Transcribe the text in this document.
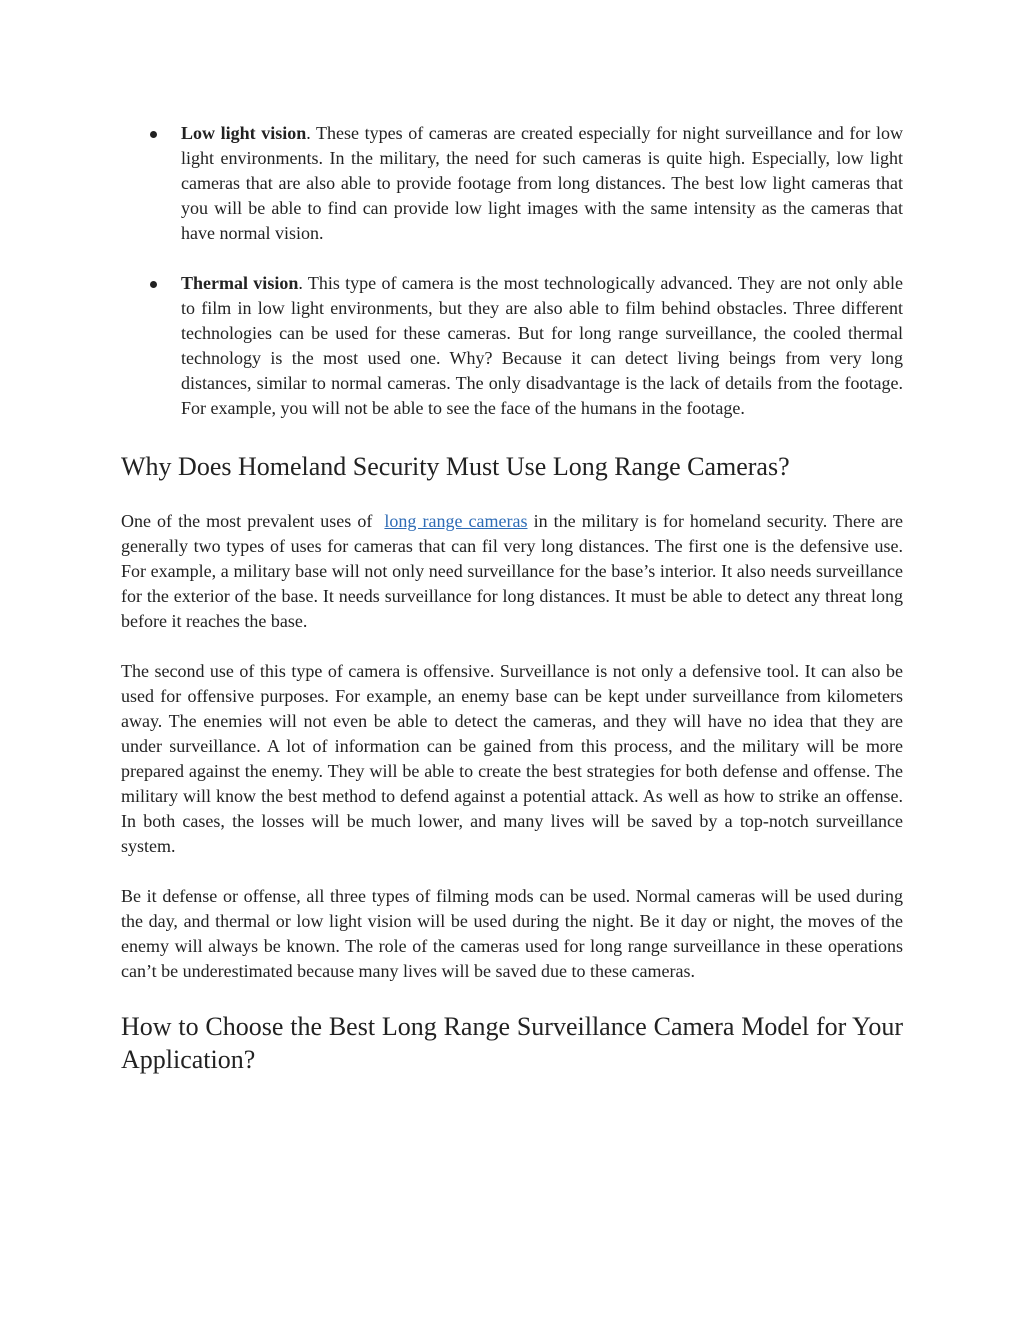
Low light vision. These types of cameras are created especially for night surveillance and for low light environments. In the military, the need for such cameras is quite high. Especially, low light cameras that are also able to provide footage from long distances. The best low light cameras that you will be able to find can provide low light images with the same intensity as the cameras that have normal vision.
Thermal vision. This type of camera is the most technologically advanced. They are not only able to film in low light environments, but they are also able to film behind obstacles. Three different technologies can be used for these cameras. But for long range surveillance, the cooled thermal technology is the most used one. Why? Because it can detect living beings from very long distances, similar to normal cameras. The only disadvantage is the lack of details from the footage. For example, you will not be able to see the face of the humans in the footage.
Why Does Homeland Security Must Use Long Range Cameras?

One of the most prevalent uses of long range cameras in the military is for homeland security. There are generally two types of uses for cameras that can fil very long distances. The first one is the defensive use. For example, a military base will not only need surveillance for the base’s interior. It also needs surveillance for the exterior of the base. It needs surveillance for long distances. It must be able to detect any threat long before it reaches the base.

The second use of this type of camera is offensive. Surveillance is not only a defensive tool. It can also be used for offensive purposes. For example, an enemy base can be kept under surveillance from kilometers away. The enemies will not even be able to detect the cameras, and they will have no idea that they are under surveillance. A lot of information can be gained from this process, and the military will be more prepared against the enemy. They will be able to create the best strategies for both defense and offense. The military will know the best method to defend against a potential attack. As well as how to strike an offense. In both cases, the losses will be much lower, and many lives will be saved by a top-notch surveillance system.

Be it defense or offense, all three types of filming mods can be used. Normal cameras will be used during the day, and thermal or low light vision will be used during the night. Be it day or night, the moves of the enemy will always be known. The role of the cameras used for long range surveillance in these operations can’t be underestimated because many lives will be saved due to these cameras.

How to Choose the Best Long Range Surveillance Camera Model for Your Application?
